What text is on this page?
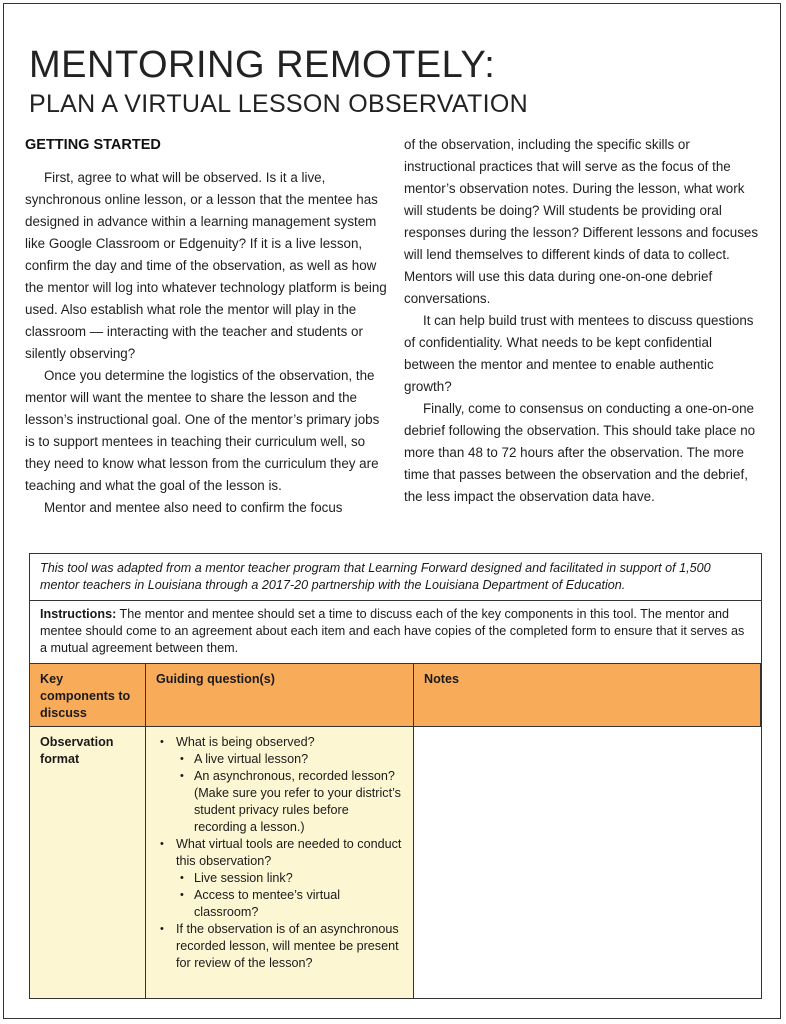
MENTORING REMOTELY:
PLAN A VIRTUAL LESSON OBSERVATION
GETTING STARTED

First, agree to what will be observed. Is it a live, synchronous online lesson, or a lesson that the mentee has designed in advance within a learning management system like Google Classroom or Edgenuity? If it is a live lesson, confirm the day and time of the observation, as well as how the mentor will log into whatever technology platform is being used. Also establish what role the mentor will play in the classroom — interacting with the teacher and students or silently observing?

Once you determine the logistics of the observation, the mentor will want the mentee to share the lesson and the lesson’s instructional goal. One of the mentor’s primary jobs is to support mentees in teaching their curriculum well, so they need to know what lesson from the curriculum they are teaching and what the goal of the lesson is.

Mentor and mentee also need to confirm the focus

of the observation, including the specific skills or instructional practices that will serve as the focus of the mentor’s observation notes. During the lesson, what work will students be doing? Will students be providing oral responses during the lesson? Different lessons and focuses will lend themselves to different kinds of data to collect. Mentors will use this data during one-on-one debrief conversations.

It can help build trust with mentees to discuss questions of confidentiality. What needs to be kept confidential between the mentor and mentee to enable authentic growth?

Finally, come to consensus on conducting a one-on-one debrief following the observation. This should take place no more than 48 to 72 hours after the observation. The more time that passes between the observation and the debrief, the less impact the observation data have.

This tool was adapted from a mentor teacher program that Learning Forward designed and facilitated in support of 1,500 mentor teachers in Louisiana through a 2017-20 partnership with the Louisiana Department of Education.
Instructions: The mentor and mentee should set a time to discuss each of the key components in this tool. The mentor and mentee should come to an agreement about each item and each have copies of the completed form to ensure that it serves as a mutual agreement between them.
Key components to discuss
Guiding question(s)	Notes
Observation format
• What is being observed?
• A live virtual lesson?
• An asynchronous, recorded lesson? (Make sure you refer to your district’s student privacy rules before recording a lesson.)
• What virtual tools are needed to conduct this observation?
• Live session link?
• Access to mentee’s virtual classroom?
• If the observation is of an asynchronous recorded lesson, will mentee be present for review of the lesson?
